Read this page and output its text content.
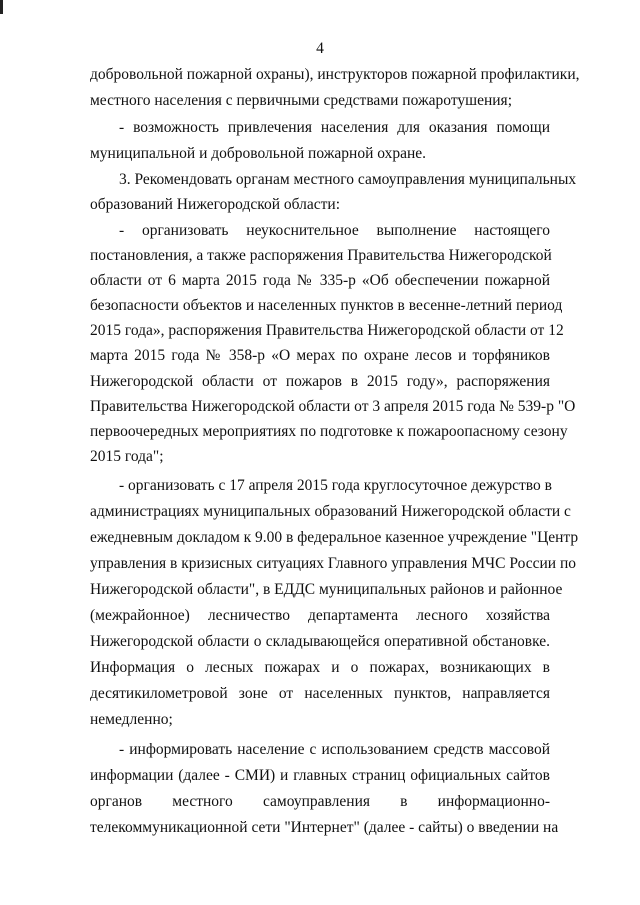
4
добровольной пожарной охраны), инструкторов пожарной профилактики,
местного населения с первичными средствами пожаротушения;
- возможность привлечения населения для оказания помощи
муниципальной и добровольной пожарной охране.
3. Рекомендовать органам местного самоуправления муниципальных
образований Нижегородской области:
- организовать неукоснительное выполнение настоящего
постановления, а также распоряжения Правительства Нижегородской
области от 6 марта 2015 года № 335-р «Об обеспечении пожарной
безопасности объектов и населенных пунктов в весенне-летний период
2015 года», распоряжения Правительства Нижегородской области от 12
марта 2015 года № 358-р «О мерах по охране лесов и торфяников
Нижегородской области от пожаров в 2015 году», распоряжения
Правительства Нижегородской области от 3 апреля 2015 года № 539-р "О
первоочередных мероприятиях по подготовке к пожароопасному сезону
2015 года";
- организовать с 17 апреля 2015 года круглосуточное дежурство в
администрациях муниципальных образований Нижегородской области с
ежедневным докладом к 9.00 в федеральное казенное учреждение "Центр
управления в кризисных ситуациях Главного управления МЧС России по
Нижегородской области", в ЕДДС муниципальных районов и районное
(межрайонное) лесничество департамента лесного хозяйства
Нижегородской области о складывающейся оперативной обстановке.
Информация о лесных пожарах и о пожарах, возникающих в
десятикилометровой зоне от населенных пунктов, направляется
немедленно;
- информировать население с использованием средств массовой
информации (далее - СМИ) и главных страниц официальных сайтов
органов местного самоуправления в информационно-
телекоммуникационной сети "Интернет" (далее - сайты) о введении на
